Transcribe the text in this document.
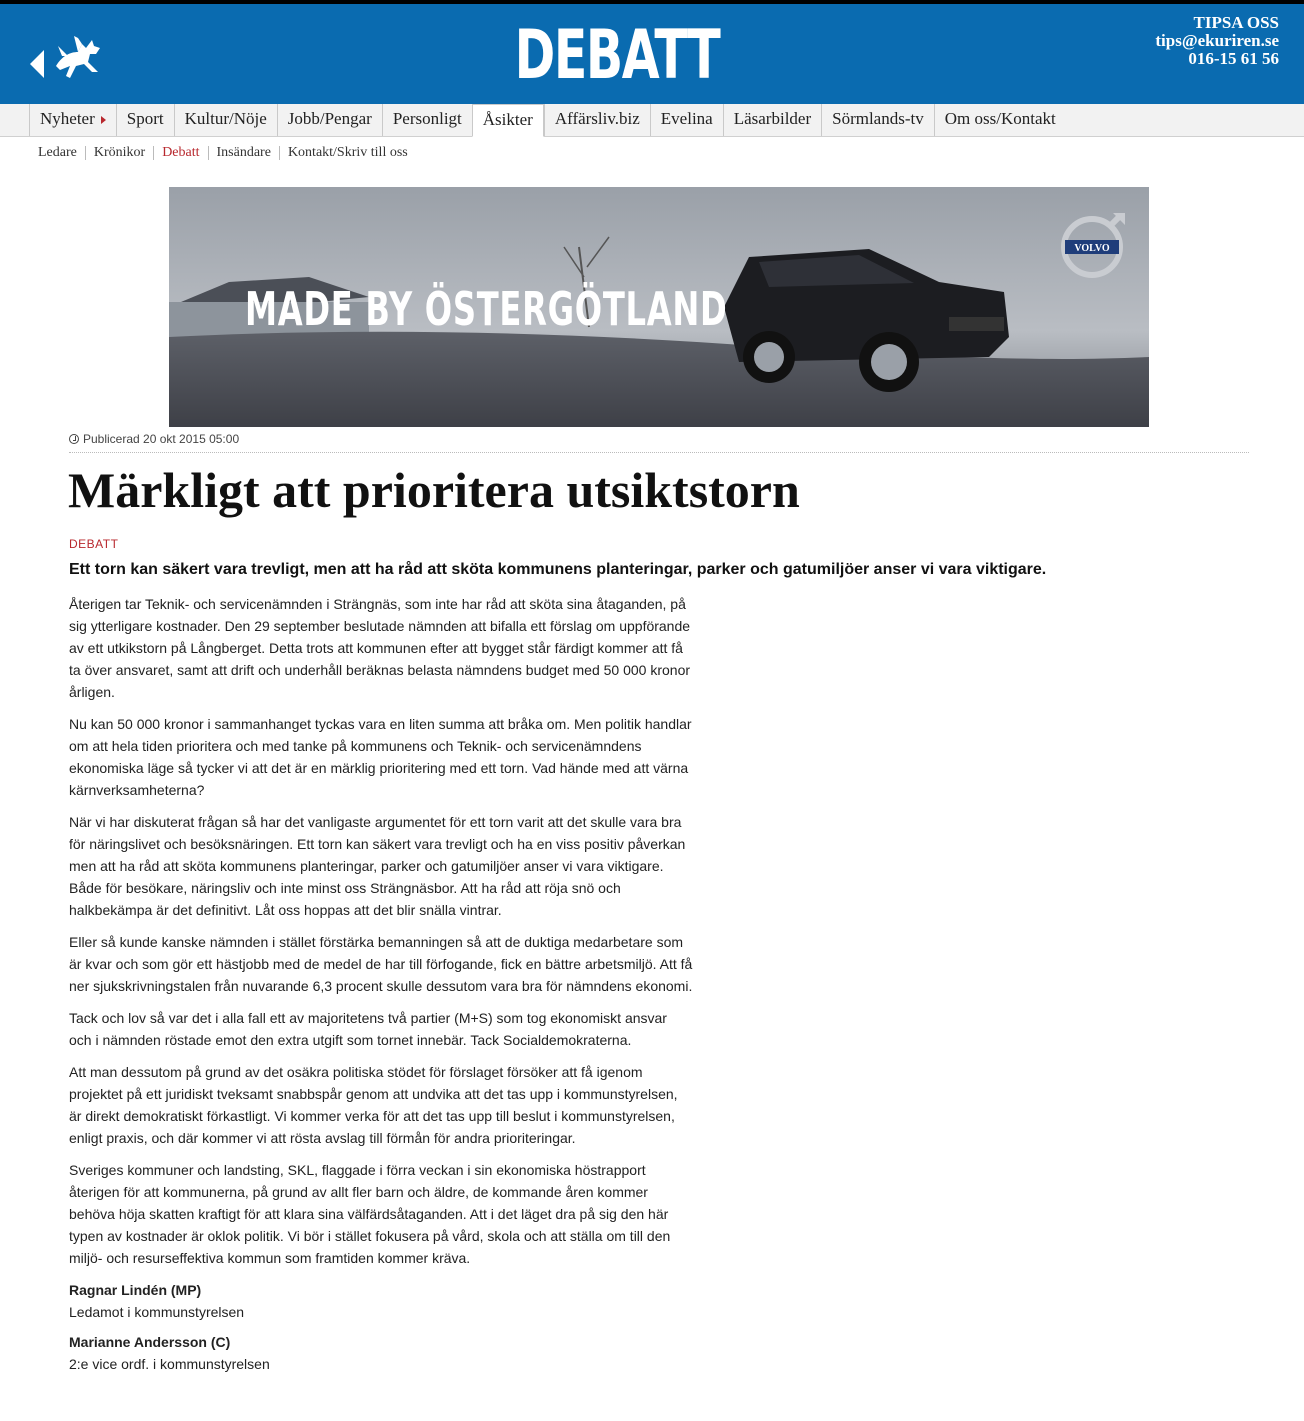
DEBATT	TIPSA OSS
tips@ekuriren.se
016-15 61 56
Nyheter	Sport	Kultur/Nöje	Jobb/Pengar	Personligt	Åsikter	Affärsliv.biz	Evelina	Läsarbilder	Sörmlands-tv	Om oss/Kontakt
Ledare	Krönikor	Debatt	Insändare	Kontakt/Skriv till oss
MADE BY ÖSTERGÖTLAND
VOLVO
Publicerad 20 okt 2015 05:00
Märkligt att prioritera utsiktstorn
DEBATT
Ett torn kan säkert vara trevligt, men att ha råd att sköta kommunens planteringar, parker och gatumiljöer anser vi vara viktigare.

Återigen tar Teknik- och servicenämnden i Strängnäs, som inte har råd att sköta sina åtaganden, på sig ytterligare kostnader. Den 29 september beslutade nämnden att bifalla ett förslag om uppförande av ett utkikstorn på Långberget. Detta trots att kommunen efter att bygget står färdigt kommer att få ta över ansvaret, samt att drift och underhåll beräknas belasta nämndens budget med 50 000 kronor årligen.

Nu kan 50 000 kronor i sammanhanget tyckas vara en liten summa att bråka om. Men politik handlar om att hela tiden prioritera och med tanke på kommunens och Teknik- och servicenämndens ekonomiska läge så tycker vi att det är en märklig prioritering med ett torn. Vad hände med att värna kärnverksamheterna?

När vi har diskuterat frågan så har det vanligaste argumentet för ett torn varit att det skulle vara bra för näringslivet och besöksnäringen. Ett torn kan säkert vara trevligt och ha en viss positiv påverkan men att ha råd att sköta kommunens planteringar, parker och gatumiljöer anser vi vara viktigare. Både för besökare, näringsliv och inte minst oss Strängnäsbor. Att ha råd att röja snö och halkbekämpa är det definitivt. Låt oss hoppas att det blir snälla vintrar.

Eller så kunde kanske nämnden i stället förstärka bemanningen så att de duktiga medarbetare som är kvar och som gör ett hästjobb med de medel de har till förfogande, fick en bättre arbetsmiljö. Att få ner sjukskrivningstalen från nuvarande 6,3 procent skulle dessutom vara bra för nämndens ekonomi.

Tack och lov så var det i alla fall ett av majoritetens två partier (M+S) som tog ekonomiskt ansvar och i nämnden röstade emot den extra utgift som tornet innebär. Tack Socialdemokraterna.

Att man dessutom på grund av det osäkra politiska stödet för förslaget försöker att få igenom projektet på ett juridiskt tveksamt snabbspår genom att undvika att det tas upp i kommunstyrelsen, är direkt demokratiskt förkastligt. Vi kommer verka för att det tas upp till beslut i kommunstyrelsen, enligt praxis, och där kommer vi att rösta avslag till förmån för andra prioriteringar.

Sveriges kommuner och landsting, SKL, flaggade i förra veckan i sin ekonomiska höstrapport återigen för att kommunerna, på grund av allt fler barn och äldre, de kommande åren kommer behöva höja skatten kraftigt för att klara sina välfärdsåtaganden. Att i det läget dra på sig den här typen av kostnader är oklok politik. Vi bör i stället fokusera på vård, skola och att ställa om till den miljö- och resurseffektiva kommun som framtiden kommer kräva.

Ragnar Lindén (MP)
Ledamot i kommunstyrelsen
Marianne Andersson (C)
2:e vice ordf. i kommunstyrelsen
